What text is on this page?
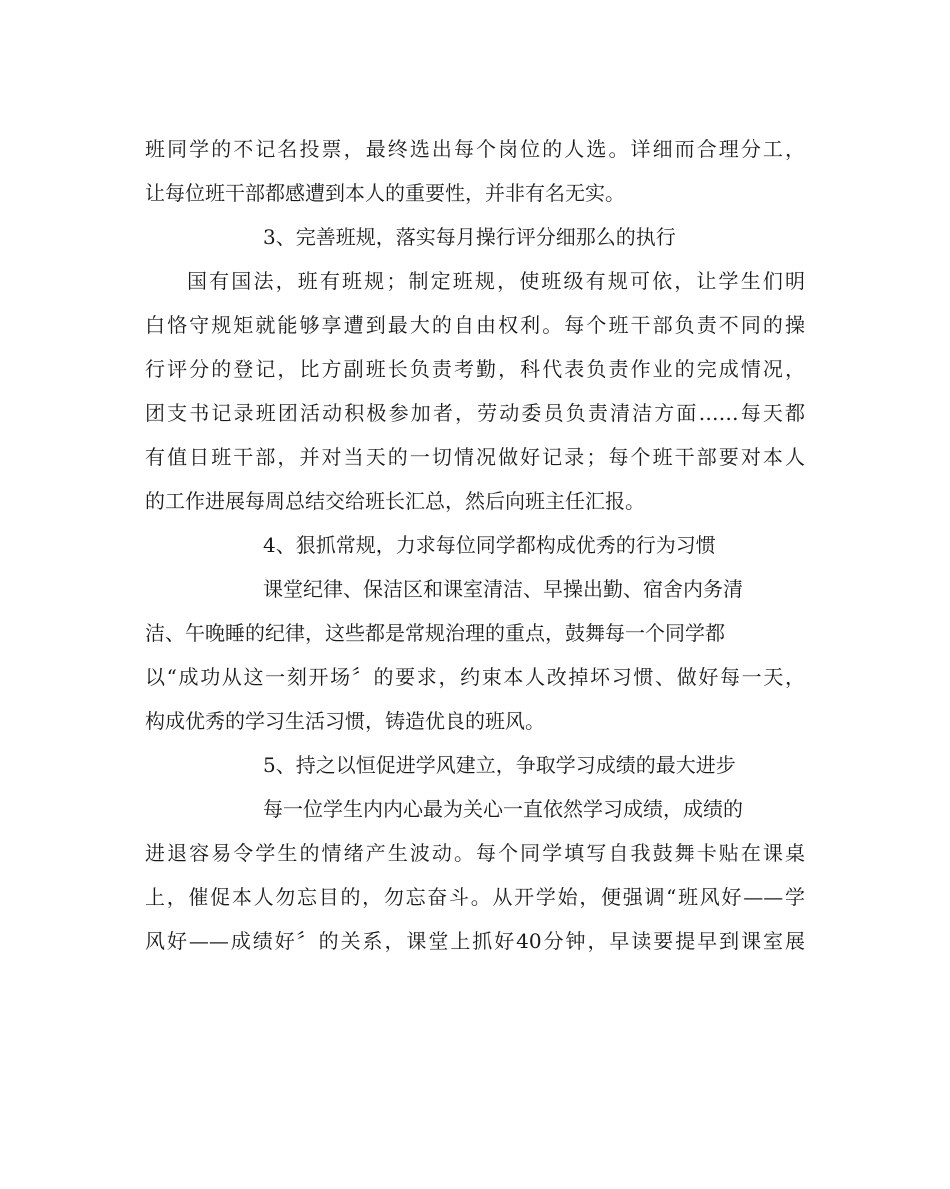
班同学的不记名投票，最终选出每个岗位的人选。详细而合理分工，
让每位班干部都感遭到本人的重要性，并非有名无实。
3、完善班规，落实每月操行评分细那么的执行
国有国法，班有班规；制定班规，使班级有规可依，让学生们明
白恪守规矩就能够享遭到最大的自由权利。每个班干部负责不同的操
行评分的登记，比方副班长负责考勤，科代表负责作业的完成情况，
团支书记录班团活动积极参加者，劳动委员负责清洁方面……每天都
有值日班干部，并对当天的一切情况做好记录；每个班干部要对本人
的工作进展每周总结交给班长汇总，然后向班主任汇报。
4、狠抓常规，力求每位同学都构成优秀的行为习惯
课堂纪律、保洁区和课室清洁、早操出勤、宿舍内务清
洁、午晚睡的纪律，这些都是常规治理的重点，鼓舞每一个同学都
以“成功从这一刻开场〞的要求，约束本人改掉坏习惯、做好每一天，
构成优秀的学习生活习惯，铸造优良的班风。
5、持之以恒促进学风建立，争取学习成绩的最大进步
每一位学生内内心最为关心一直依然学习成绩，成绩的
进退容易令学生的情绪产生波动。每个同学填写自我鼓舞卡贴在课桌
上，催促本人勿忘目的，勿忘奋斗。从开学始，便强调“班风好——学
风好——成绩好〞的关系，课堂上抓好40分钟，早读要提早到课室展
